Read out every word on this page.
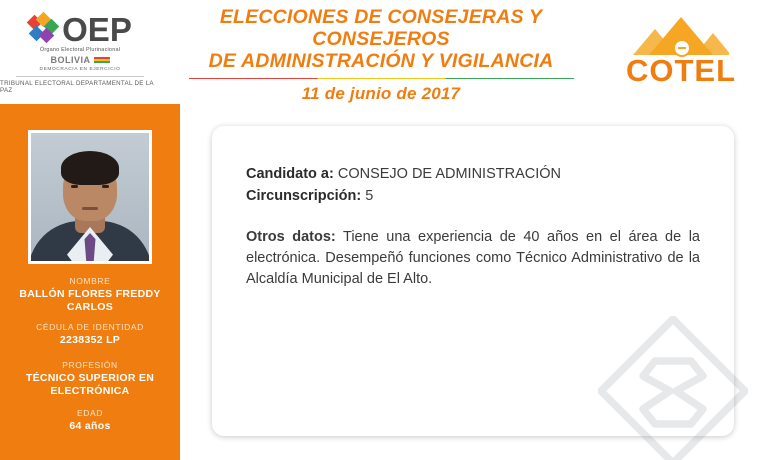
OEP
Órgano Electoral Plurinacional
BOLIVIA
DEMOCRACIA EN EJERCICIO
TRIBUNAL ELECTORAL DEPARTAMENTAL DE LA PAZ
ELECCIONES DE CONSEJERAS Y CONSEJEROS
DE ADMINISTRACIÓN Y VIGILANCIA
11 de junio de 2017
COTEL
NOMBRE
BALLÓN FLORES FREDDY CARLOS
CÉDULA DE IDENTIDAD
2238352 LP
PROFESIÓN
TÉCNICO SUPERIOR EN ELECTRÓNICA
EDAD
64 años
Candidato a: CONSEJO DE ADMINISTRACIÓN
Circunscripción: 5
Otros datos: Tiene una experiencia de 40 años en el área de la electrónica. Desempeñó funciones como Técnico Administrativo de la Alcaldía Municipal de El Alto.
